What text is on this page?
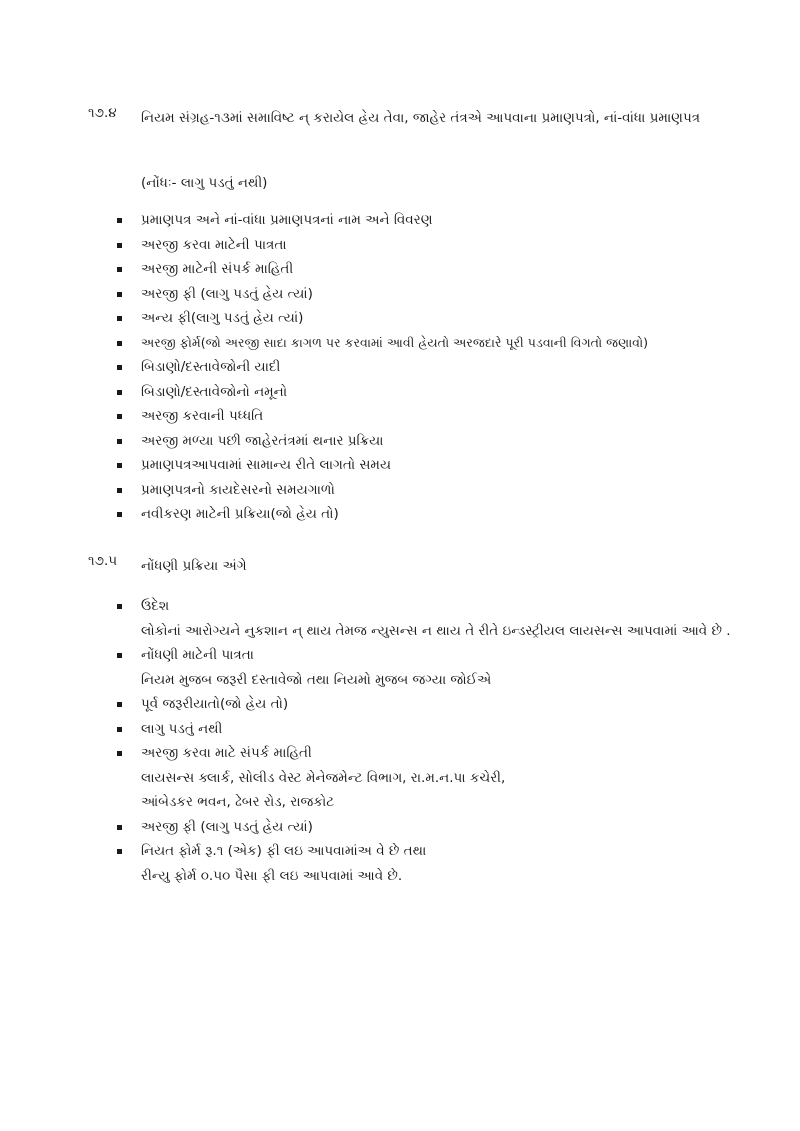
૧૭.૪	નિયમ સંગ્રહ-૧૩માં સમાવિષ્ટ ન્ કરાયેલ હ્રેય તેવા, જાહેર તંત્રએ આપવાના પ્રમાણપત્રો, નાં-વાંધા પ્રમાણપત્ર
(નોંધઃ- લાગુ પડતું નથી)
પ્રમાણપત્ર અને નાં-વાંધા પ્રમાણપત્રનાં નામ અને વિવરણ
અરજી કરવા માટેની પાત્રતા
અરજી માટેની સંપર્ક માહિતી
અરજી ફી (લાગુ પડતું હ્રેય ત્યાં)
અન્ય ફી(લાગુ પડતું હ્રેય ત્યાં)
અરજી ફોર્મ(જો અરજી સાદા કાગળ પર કરવામાં આવી હ્રેયતો અરજદારે પૂરી પડવાની વિગતો જણાવો)
બિડાણો/દસ્તાવેજોની યાદી
બિડાણો/દસ્તાવેજોનો નમૂનો
અરજી કરવાની પધ્ધતિ
અરજી મળ્યા પછી જાહેરતંત્રમાં થનાર પ્રક્રિયા
પ્રમાણપત્રઆપવામાં સામાન્ય રીતે લાગતો સમય
પ્રમાણપત્રનો કાયદેસરનો સમયગાળો
નવીકરણ માટેની પ્રક્રિયા(જો હ્રેય તો)
૧૭.૫	નોંધણી પ્રક્રિયા અંગે
ઉદેશ
લોકોનાં આરોગ્યને નુકશાન ન્ થાય તેમજ ન્યુસન્સ ન થાય તે રીતે ઇન્ડસ્ટ્રીયલ લાયસન્સ આપવામાં આવે છે .
નોંધણી માટેની પાત્રતા
નિયમ મુજબ જરૂરી દસ્તાવેજો તથા નિયમો મુજબ જગ્યા જોઈએ
પૂર્વ જરૂરીયાતો(જો હ્રેય તો)
લાગુ પડતું નથી
અરજી કરવા માટે સંપર્ક માહિતી
લાયસન્સ ક્લાર્ક, સોલીડ વેસ્ટ મેનેજમેન્ટ વિભાગ, રા.મ.ન.પા કચેરી,
આંબેડકર ભવન, ઢેબર રોડ, રાજકોટ
અરજી ફી (લાગુ પડતું હ્રેય ત્યાં)
નિયત ફોર્મ રૂ.૧ (એક) ફી લઇ આપવામાંઅ વે છે તથા
રીન્યુ ફોર્મ ૦.૫૦ પૈસા ફી લઇ આપવામાં આવે છે.
